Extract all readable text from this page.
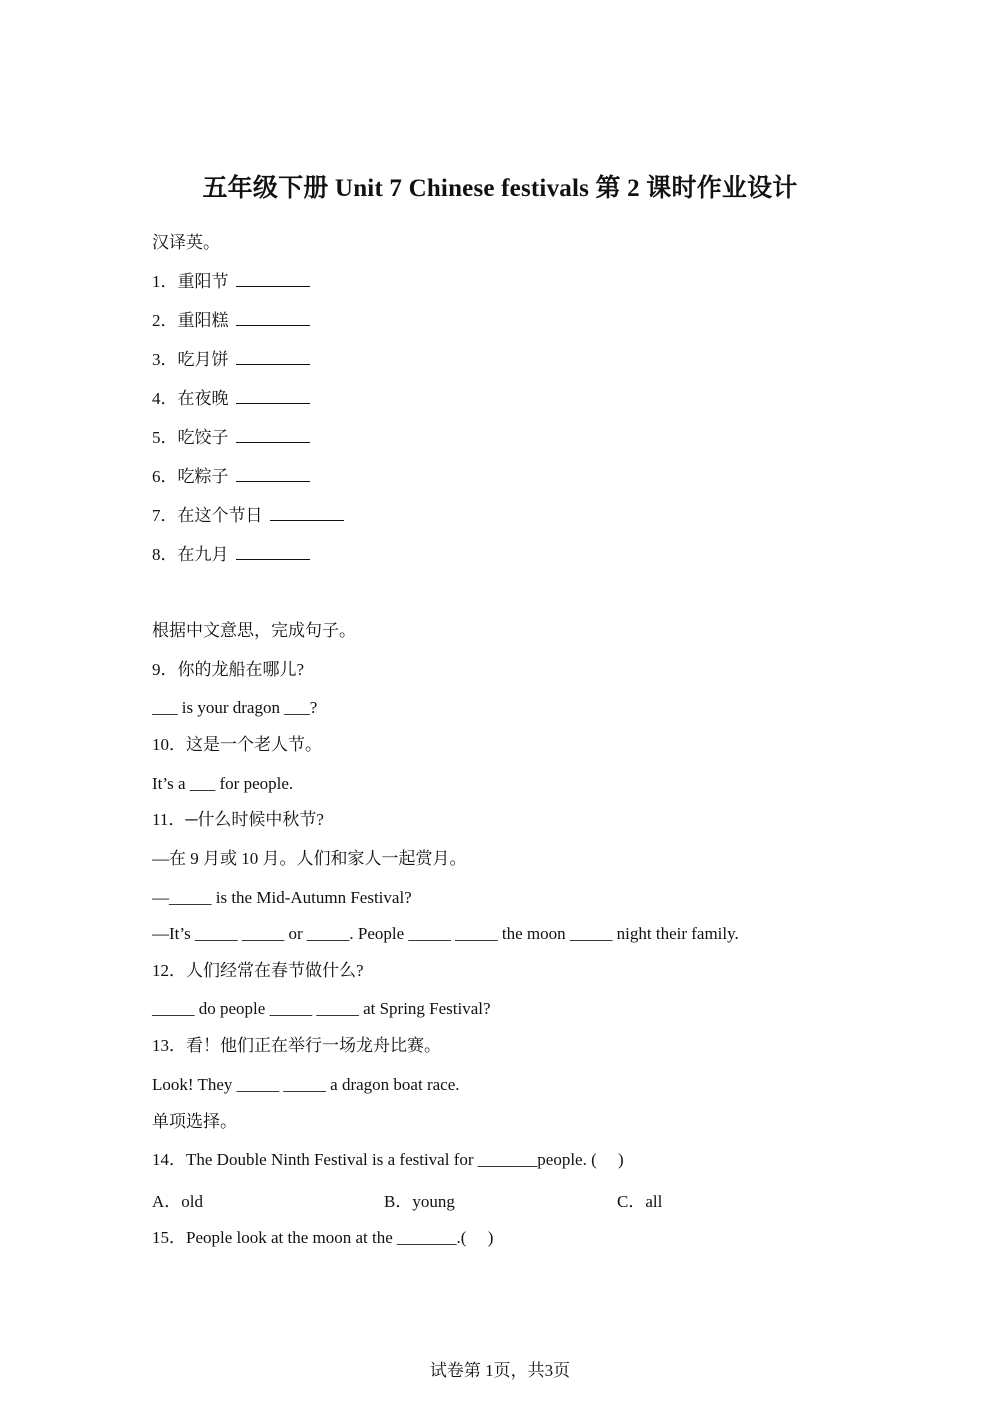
五年级下册 Unit 7 Chinese festivals 第 2 课时作业设计
汉译英。
1．重阳节
2．重阳糕
3．吃月饼
4．在夜晚
5．吃饺子
6．吃粽子
7．在这个节日
8．在九月
根据中文意思，完成句子。
9．你的龙船在哪儿?
___ is your dragon ___?
10．这是一个老人节。
It’s a ___ for people.
11．─什么时候中秋节?
—在 9 月或 10 月。人们和家人一起赏月。
—_____ is the Mid-Autumn Festival?
—It’s _____ _____ or _____. People _____ _____ the moon _____ night their family.
12．人们经常在春节做什么?
_____ do people _____ _____ at Spring Festival?
13．看！他们正在举行一场龙舟比赛。
Look! They _____ _____ a dragon boat race.
单项选择。
14．The Double Ninth Festival is a festival for _______people. (     )
A．old	B．young	C．all
15．People look at the moon at the _______.(     )
试卷第 1页，共3页
